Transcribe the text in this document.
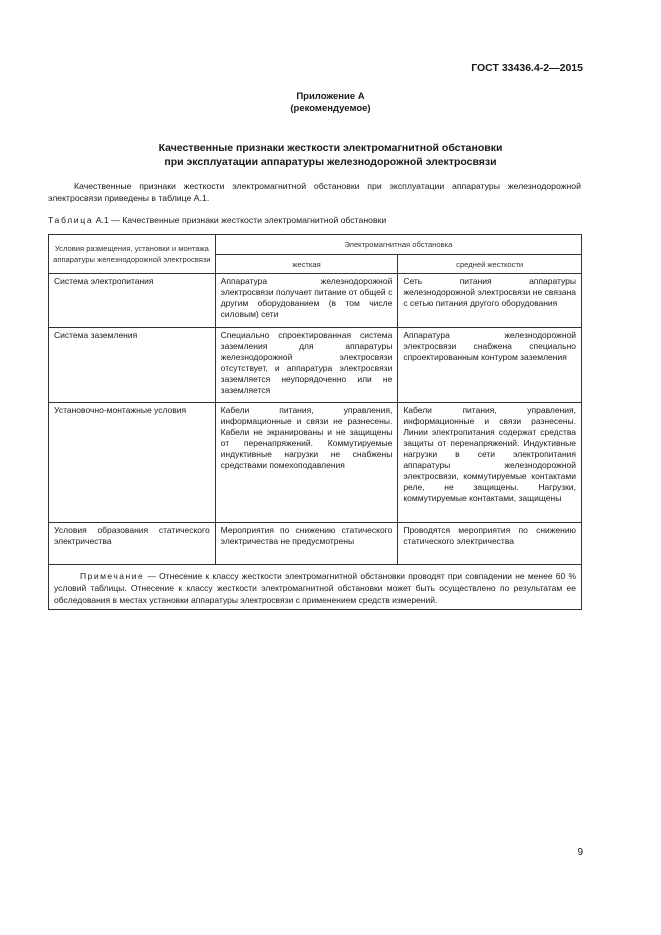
ГОСТ 33436.4-2—2015
Приложение А
(рекомендуемое)
Качественные признаки жесткости электромагнитной обстановки
при эксплуатации аппаратуры железнодорожной электросвязи
Качественные признаки жесткости электромагнитной обстановки при эксплуатации аппаратуры железнодорожной электросвязи приведены в таблице А.1.
Таблица А.1 — Качественные признаки жесткости электромагнитной обстановки
Условия размещения, установки и монтажа аппаратуры железнодорожной электросвязи	Электромагнитная обстановка	
	жесткая	средней жесткости
Система электропитания	Аппаратура железнодорожной электросвязи получает питание от общей с другим оборудованием (в том числе силовым) сети	Сеть питания аппаратуры железнодорожной электросвязи не связана с сетью питания другого оборудования
Система заземления	Специально спроектированная система заземления для аппаратуры железнодорожной электросвязи отсутствует, и аппаратура электросвязи заземляется неупорядоченно или не заземляется	Аппаратура железнодорожной электросвязи снабжена специально спроектированным контуром заземления
Установочно-монтажные условия	Кабели питания, управления, информационные и связи не разнесены. Кабели не экранированы и не защищены от перенапряжений. Коммутируемые индуктивные нагрузки не снабжены средствами помехоподавления	Кабели питания, управления, информационные и связи разнесены. Линии электропитания содержат средства защиты от перенапряжений. Индуктивные нагрузки в сети электропитания аппаратуры железнодорожной электросвязи, коммутируемые контактами реле, не защищены. Нагрузки, коммутируемые контактами, защищены
Условия образования статического электричества	Мероприятия по снижению статического электричества не предусмотрены	Проводятся мероприятия по снижению статического электричества
Примечание — Отнесение к классу жесткости электромагнитной обстановки проводят при совпадении не менее 60 % условий таблицы. Отнесение к классу жесткости электромагнитной обстановки может быть осуществлено по результатам ее обследования в местах установки аппаратуры электросвязи с применением средств измерений.		
9
